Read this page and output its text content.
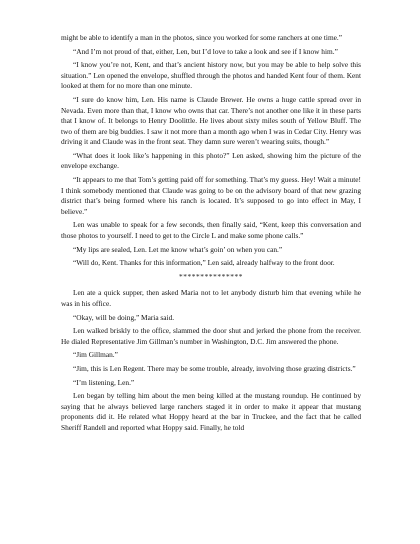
might be able to identify a man in the photos, since you worked for some ranchers at one time.”

“And I’m not proud of that, either, Len, but I’d love to take a look and see if I know him.”

“I know you’re not, Kent, and that’s ancient history now, but you may be able to help solve this situation.” Len opened the envelope, shuffled through the photos and handed Kent four of them. Kent looked at them for no more than one minute.

“I sure do know him, Len. His name is Claude Brewer. He owns a huge cattle spread over in Nevada. Even more than that, I know who owns that car. There’s not another one like it in these parts that I know of. It belongs to Henry Doolittle. He lives about sixty miles south of Yellow Bluff. The two of them are big buddies. I saw it not more than a month ago when I was in Cedar City. Henry was driving it and Claude was in the front seat. They damn sure weren’t wearing suits, though.”

“What does it look like’s happening in this photo?” Len asked, showing him the picture of the envelope exchange.

“It appears to me that Tom’s getting paid off for something. That’s my guess. Hey! Wait a minute! I think somebody mentioned that Claude was going to be on the advisory board of that new grazing district that’s being formed where his ranch is located. It’s supposed to go into effect in May, I believe.”

Len was unable to speak for a few seconds, then finally said, “Kent, keep this conversation and those photos to yourself. I need to get to the Circle L and make some phone calls.”

“My lips are sealed, Len. Let me know what’s goin’ on when you can.”

“Will do, Kent. Thanks for this information,” Len said, already halfway to the front door.

***************

Len ate a quick supper, then asked Maria not to let anybody disturb him that evening while he was in his office.

“Okay, will be doing,” Maria said.

Len walked briskly to the office, slammed the door shut and jerked the phone from the receiver. He dialed Representative Jim Gillman’s number in Washington, D.C. Jim answered the phone.

“Jim Gillman.”

“Jim, this is Len Regent. There may be some trouble, already, involving those grazing districts.”

“I’m listening, Len.”

Len began by telling him about the men being killed at the mustang roundup. He continued by saying that he always believed large ranchers staged it in order to make it appear that mustang proponents did it. He related what Hoppy heard at the bar in Truckee, and the fact that he called Sheriff Randell and reported what Hoppy said. Finally, he told
